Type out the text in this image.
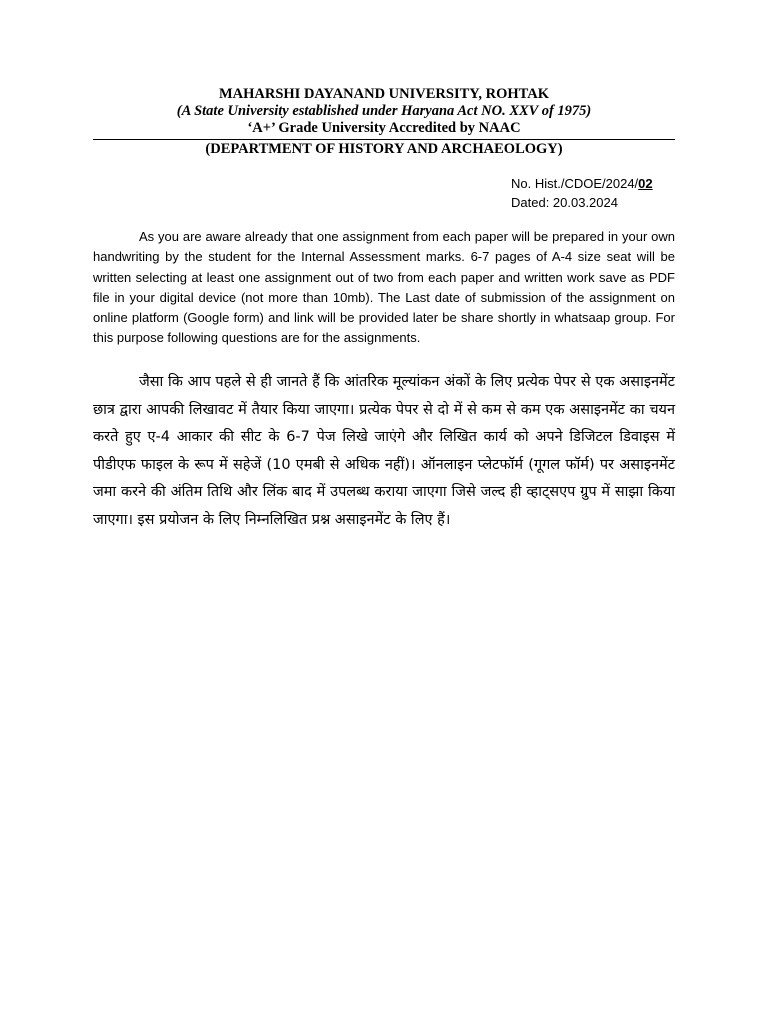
MAHARSHI DAYANAND UNIVERSITY, ROHTAK

(A State University established under Haryana Act NO. XXV of 1975)

‘A+’ Grade University Accredited by NAAC

(DEPARTMENT OF HISTORY AND ARCHAEOLOGY)

No. Hist./CDOE/2024/02
Dated: 20.03.2024

As you are aware already that one assignment from each paper will be prepared in your own handwriting by the student for the Internal Assessment marks. 6-7 pages of A-4 size seat will be written selecting at least one assignment out of two from each paper and written work save as PDF file in your digital device (not more than 10mb). The Last date of submission of the assignment on online platform (Google form) and link will be provided later be share shortly in whatsaap group. For this purpose following questions are for the assignments.

जैसा कि आप पहले से ही जानते हैं कि आंतरिक मूल्यांकन अंकों के लिए प्रत्येक पेपर से एक असाइनमेंट छात्र द्वारा आपकी लिखावट में तैयार किया जाएगा। प्रत्येक पेपर से दो में से कम से कम एक असाइनमेंट का चयन करते हुए ए-4 आकार की सीट के 6-7 पेज लिखे जाएंगे और लिखित कार्य को अपने डिजिटल डिवाइस में पीडीएफ फाइल के रूप में सहेजें (10 एमबी से अधिक नहीं)। ऑनलाइन प्लेटफॉर्म (गूगल फॉर्म) पर असाइनमेंट जमा करने की अंतिम तिथि और लिंक बाद में उपलब्ध कराया जाएगा जिसे जल्द ही व्हाट्सएप ग्रुप में साझा किया जाएगा। इस प्रयोजन के लिए निम्नलिखित प्रश्न असाइनमेंट के लिए हैं।
